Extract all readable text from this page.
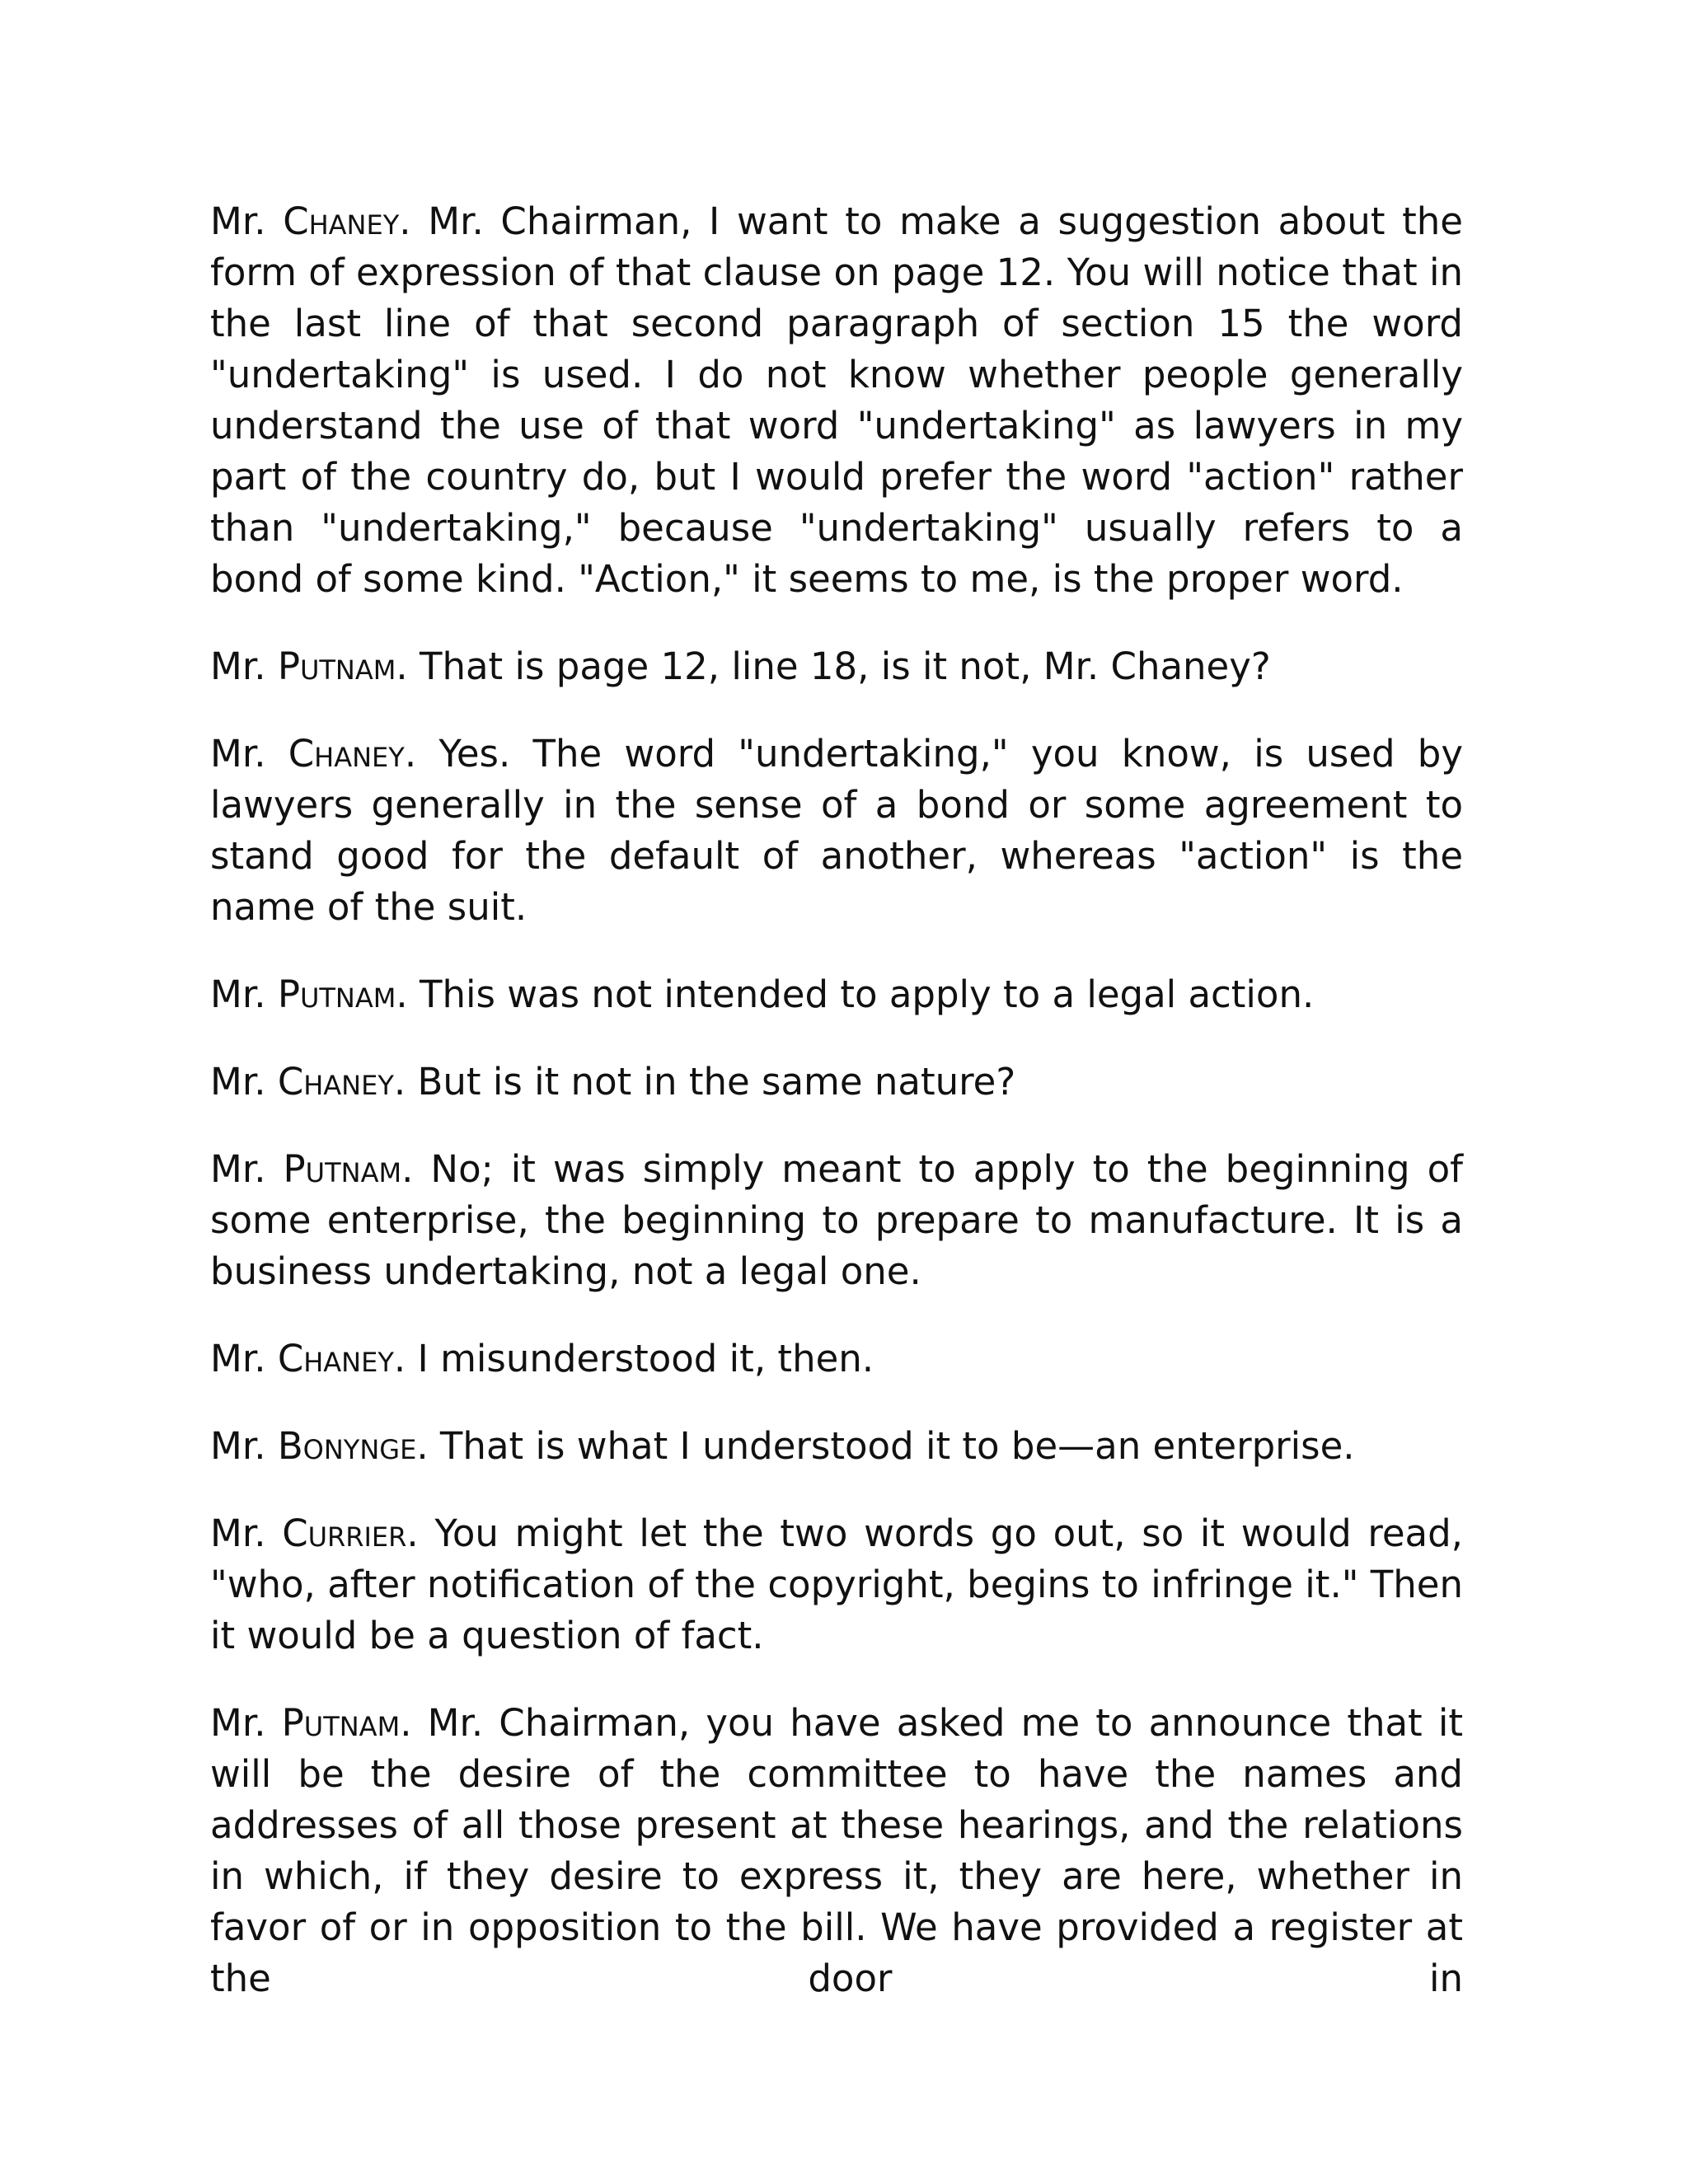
Mr. Chaney. Mr. Chairman, I want to make a suggestion about the form of expression of that clause on page 12. You will notice that in the last line of that second paragraph of section 15 the word "undertaking" is used. I do not know whether people generally understand the use of that word "undertaking" as lawyers in my part of the country do, but I would prefer the word "action" rather than "undertaking," because "undertaking" usually refers to a bond of some kind. "Action," it seems to me, is the proper word.

Mr. Putnam. That is page 12, line 18, is it not, Mr. Chaney?

Mr. Chaney. Yes. The word "undertaking," you know, is used by lawyers generally in the sense of a bond or some agreement to stand good for the default of another, whereas "action" is the name of the suit.

Mr. Putnam. This was not intended to apply to a legal action.

Mr. Chaney. But is it not in the same nature?

Mr. Putnam. No; it was simply meant to apply to the beginning of some enterprise, the beginning to prepare to manufacture. It is a business undertaking, not a legal one.

Mr. Chaney. I misunderstood it, then.

Mr. Bonynge. That is what I understood it to be—an enterprise.

Mr. Currier. You might let the two words go out, so it would read, "who, after notification of the copyright, begins to infringe it." Then it would be a question of fact.

Mr. Putnam. Mr. Chairman, you have asked me to announce that it will be the desire of the committee to have the names and addresses of all those present at these hearings, and the relations in which, if they desire to express it, they are here, whether in favor of or in opposition to the bill. We have provided a register at the door in
